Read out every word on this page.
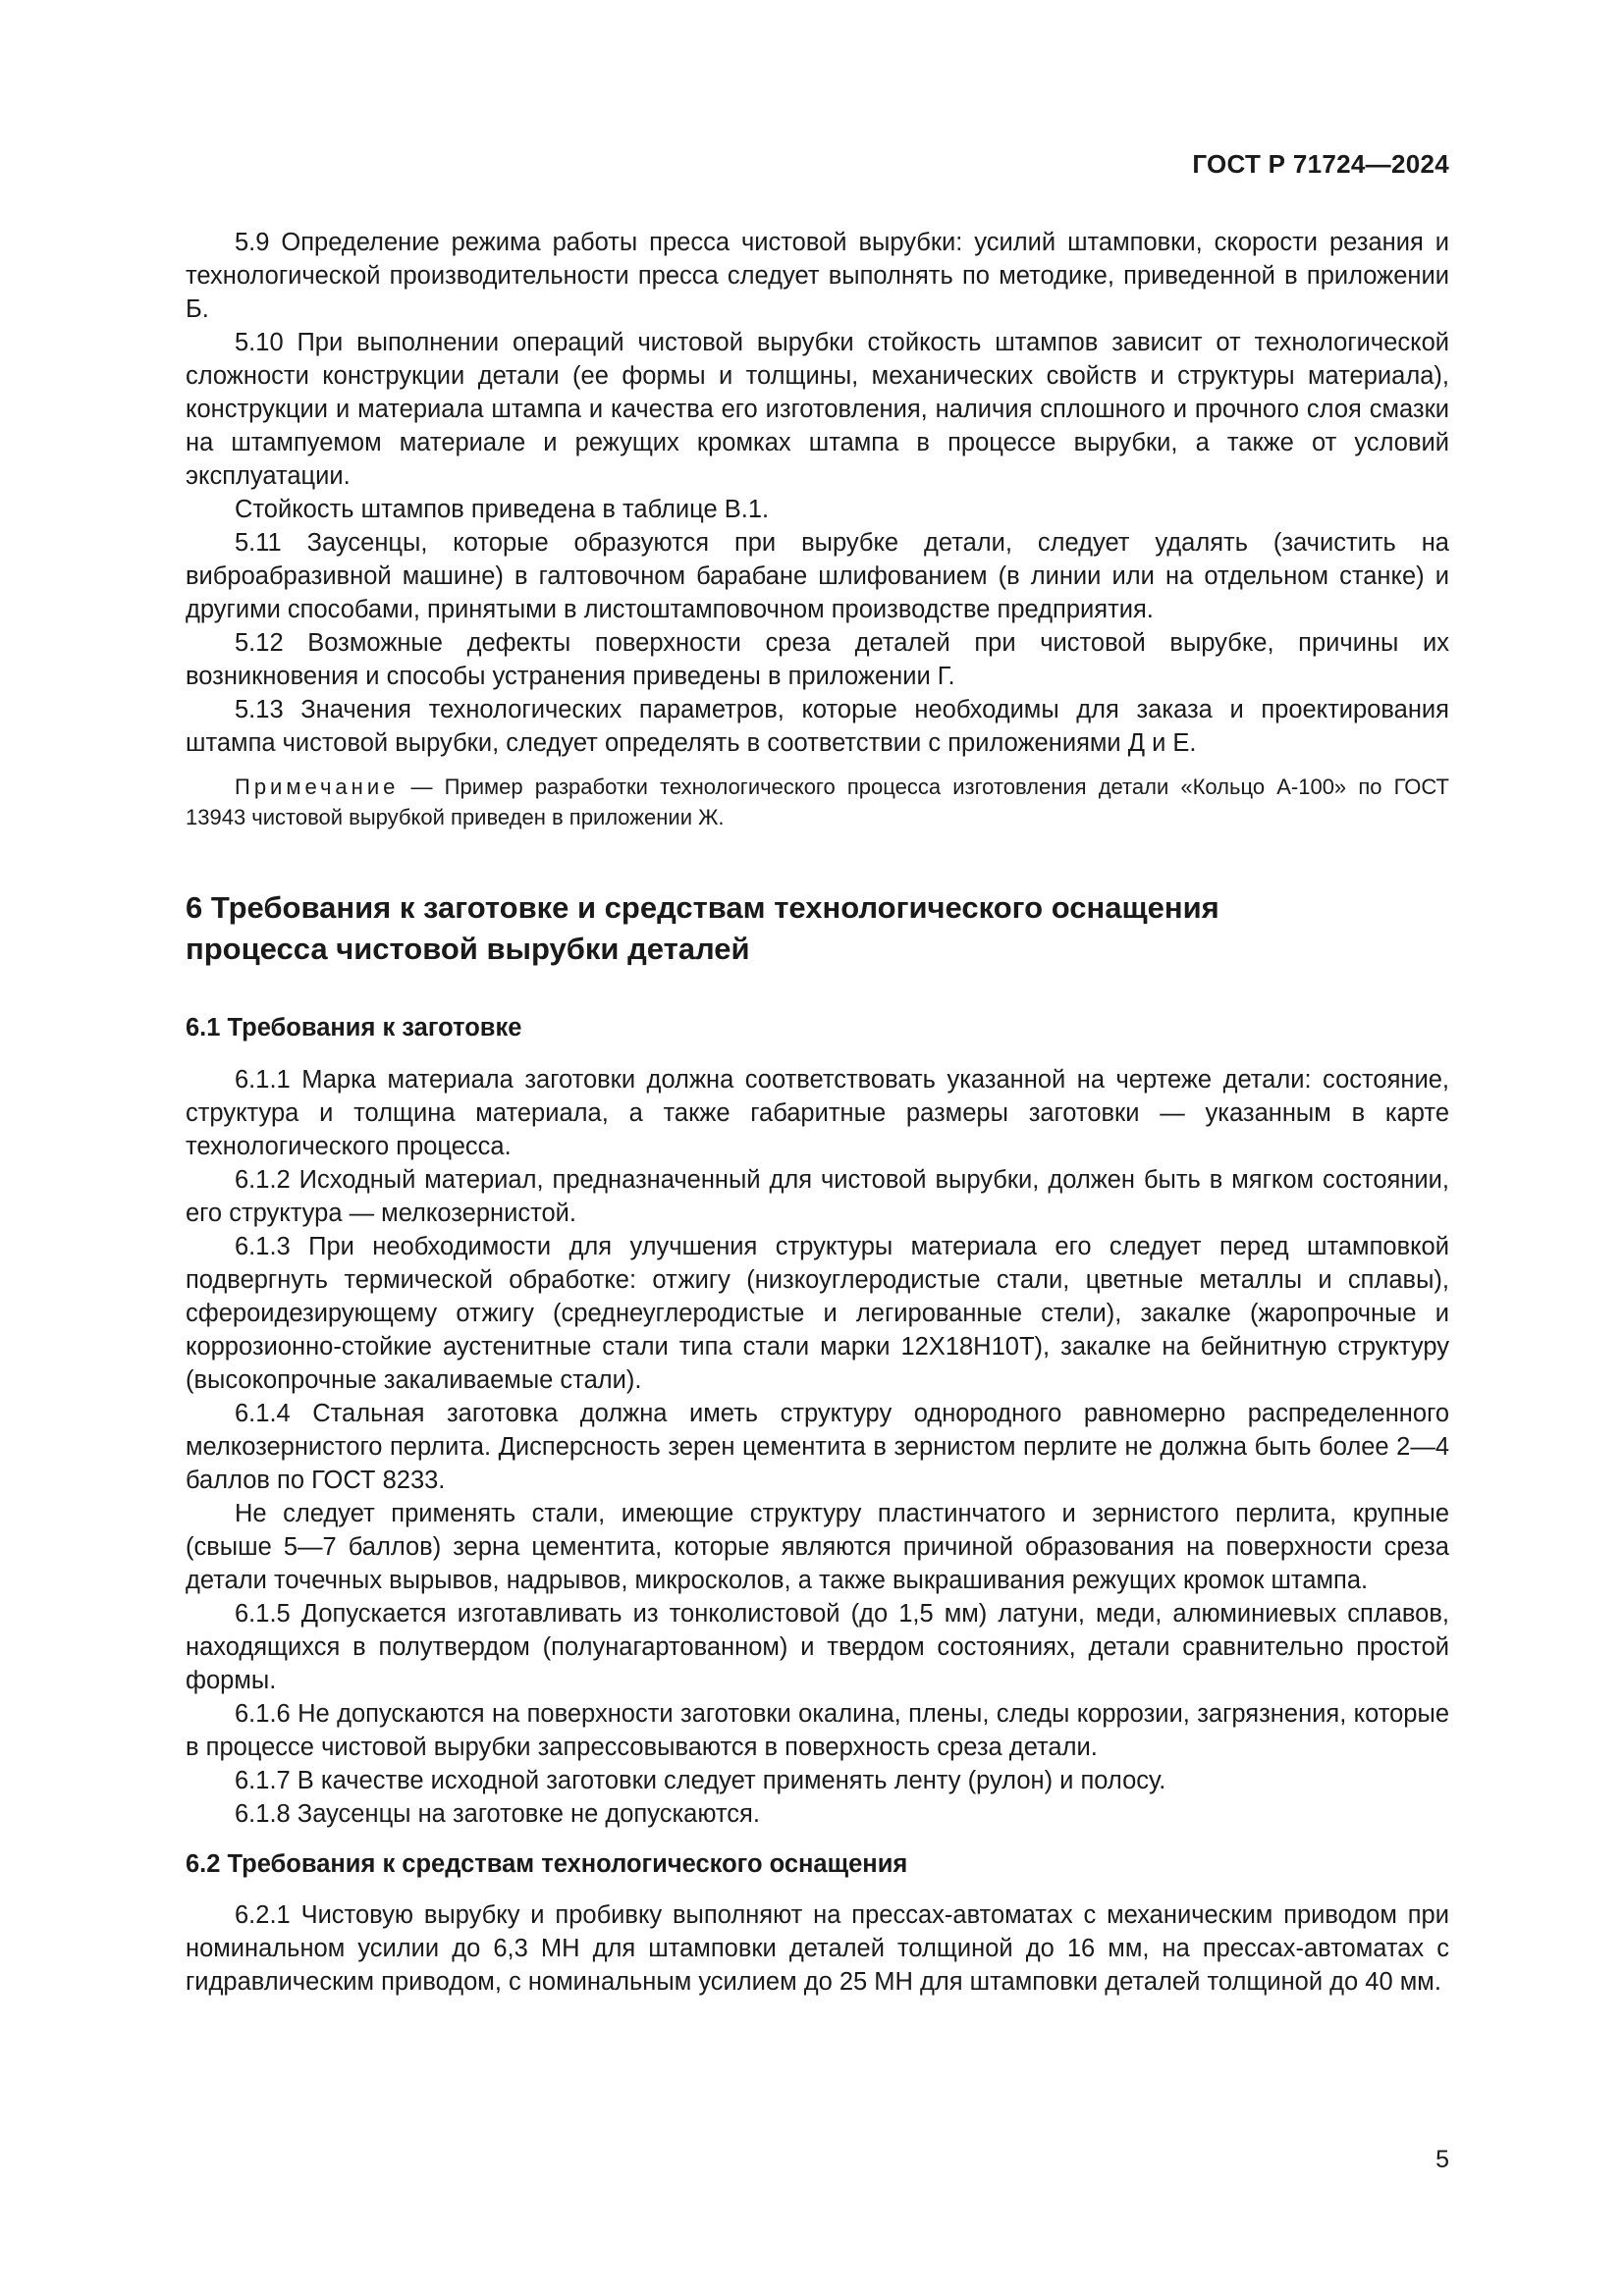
ГОСТ Р 71724—2024

5.9 Определение режима работы пресса чистовой вырубки: усилий штамповки, скорости резания и технологической производительности пресса следует выполнять по методике, приведенной в приложении Б.

5.10 При выполнении операций чистовой вырубки стойкость штампов зависит от технологической сложности конструкции детали (ее формы и толщины, механических свойств и структуры материала), конструкции и материала штампа и качества его изготовления, наличия сплошного и прочного слоя смазки на штампуемом материале и режущих кромках штампа в процессе вырубки, а также от условий эксплуатации.

Стойкость штампов приведена в таблице В.1.

5.11 Заусенцы, которые образуются при вырубке детали, следует удалять (зачистить на виброабразивной машине) в галтовочном барабане шлифованием (в линии или на отдельном станке) и другими способами, принятыми в листоштамповочном производстве предприятия.

5.12 Возможные дефекты поверхности среза деталей при чистовой вырубке, причины их возникновения и способы устранения приведены в приложении Г.

5.13 Значения технологических параметров, которые необходимы для заказа и проектирования штампа чистовой вырубки, следует определять в соответствии с приложениями Д и Е.

Примечание — Пример разработки технологического процесса изготовления детали «Кольцо А-100» по ГОСТ 13943 чистовой вырубкой приведен в приложении Ж.

6 Требования к заготовке и средствам технологического оснащения

процесса чистовой вырубки деталей

6.1 Требования к заготовке

6.1.1 Марка материала заготовки должна соответствовать указанной на чертеже детали: состояние, структура и толщина материала, а также габаритные размеры заготовки — указанным в карте технологического процесса.

6.1.2 Исходный материал, предназначенный для чистовой вырубки, должен быть в мягком состоянии, его структура — мелкозернистой.

6.1.3 При необходимости для улучшения структуры материала его следует перед штамповкой подвергнуть термической обработке: отжигу (низкоуглеродистые стали, цветные металлы и сплавы), сфероидезирующему отжигу (среднеуглеродистые и легированные стели), закалке (жаропрочные и коррозионно-стойкие аустенитные стали типа стали марки 12Х18Н10Т), закалке на бейнитную структуру (высокопрочные закаливаемые стали).

6.1.4 Стальная заготовка должна иметь структуру однородного равномерно распределенного мелкозернистого перлита. Дисперсность зерен цементита в зернистом перлите не должна быть более 2—4 баллов по ГОСТ 8233.

Не следует применять стали, имеющие структуру пластинчатого и зернистого перлита, крупные (свыше 5—7 баллов) зерна цементита, которые являются причиной образования на поверхности среза детали точечных вырывов, надрывов, микросколов, а также выкрашивания режущих кромок штампа.

6.1.5 Допускается изготавливать из тонколистовой (до 1,5 мм) латуни, меди, алюминиевых сплавов, находящихся в полутвердом (полунагартованном) и твердом состояниях, детали сравнительно простой формы.

6.1.6 Не допускаются на поверхности заготовки окалина, плены, следы коррозии, загрязнения, которые в процессе чистовой вырубки запрессовываются в поверхность среза детали.

6.1.7 В качестве исходной заготовки следует применять ленту (рулон) и полосу.

6.1.8 Заусенцы на заготовке не допускаются.

6.2 Требования к средствам технологического оснащения

6.2.1 Чистовую вырубку и пробивку выполняют на прессах-автоматах с механическим приводом при номинальном усилии до 6,3 МН для штамповки деталей толщиной до 16 мм, на прессах-автоматах с гидравлическим приводом, с номинальным усилием до 25 МН для штамповки деталей толщиной до 40 мм.

5
